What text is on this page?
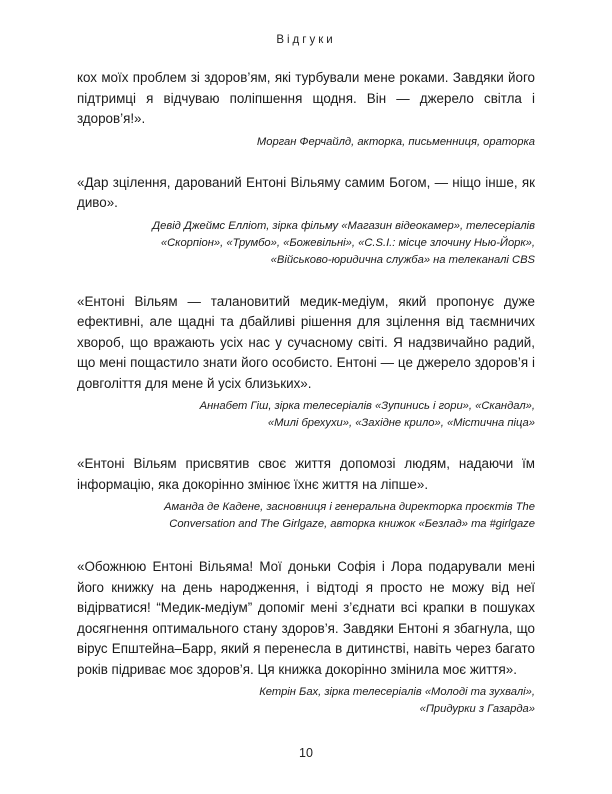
Відгуки

кох моїх проблем зі здоров’ям, які турбували мене роками. Завдяки його підтримці я відчуваю поліпшення щодня. Він — джерело світла і здоров’я!».

Морган Ферчайлд, акторка, письменниця, ораторка

«Дар зцілення, дарований Ентоні Вільяму самим Богом, — ніщо інше, як диво».

Девід Джеймс Елліот, зірка фільму «Магазин відеокамер», телесеріалів
«Скорпіон», «Трумбо», «Божевільні», «C.S.I.: місце злочину Нью-Йорк»,
«Військово-юридична служба» на телеканалі CBS

«Ентоні Вільям — талановитий медик-медіум, який пропонує дуже ефективні, але щадні та дбайливі рішення для зцілення від таємничих хвороб, що вражають усіх нас у сучасному світі. Я надзвичайно радий, що мені пощастило знати його особисто. Ентоні — це джерело здоров’я і довголіття для мене й усіх близьких».

Аннабет Гіш, зірка телесеріалів «Зупинись і гори», «Скандал»,
«Милі брехухи», «Західне крило», «Містична піца»

«Ентоні Вільям присвятив своє життя допомозі людям, надаючи їм інформацію, яка докорінно змінює їхнє життя на ліпше».

Аманда де Кадене, засновниця і генеральна директорка проєктів The
Conversation and The Girlgaze, авторка книжок «Безлад» та #girlgaze

«Обожнюю Ентоні Вільяма! Мої доньки Софія і Лора подарували мені його книжку на день народження, і відтоді я просто не можу від неї відірватися! “Медик-медіум” допоміг мені з’єднати всі крапки в пошуках досягнення оптимального стану здоров’я. Завдяки Ентоні я збагнула, що вірус Епштейна–Барр, який я перенесла в дитинстві, навіть через багато років підриває моє здоров’я. Ця книжка докорінно змінила моє життя».

Кетрін Бах, зірка телесеріалів «Молоді та зухвалі»,
«Придурки з Газарда»
10
